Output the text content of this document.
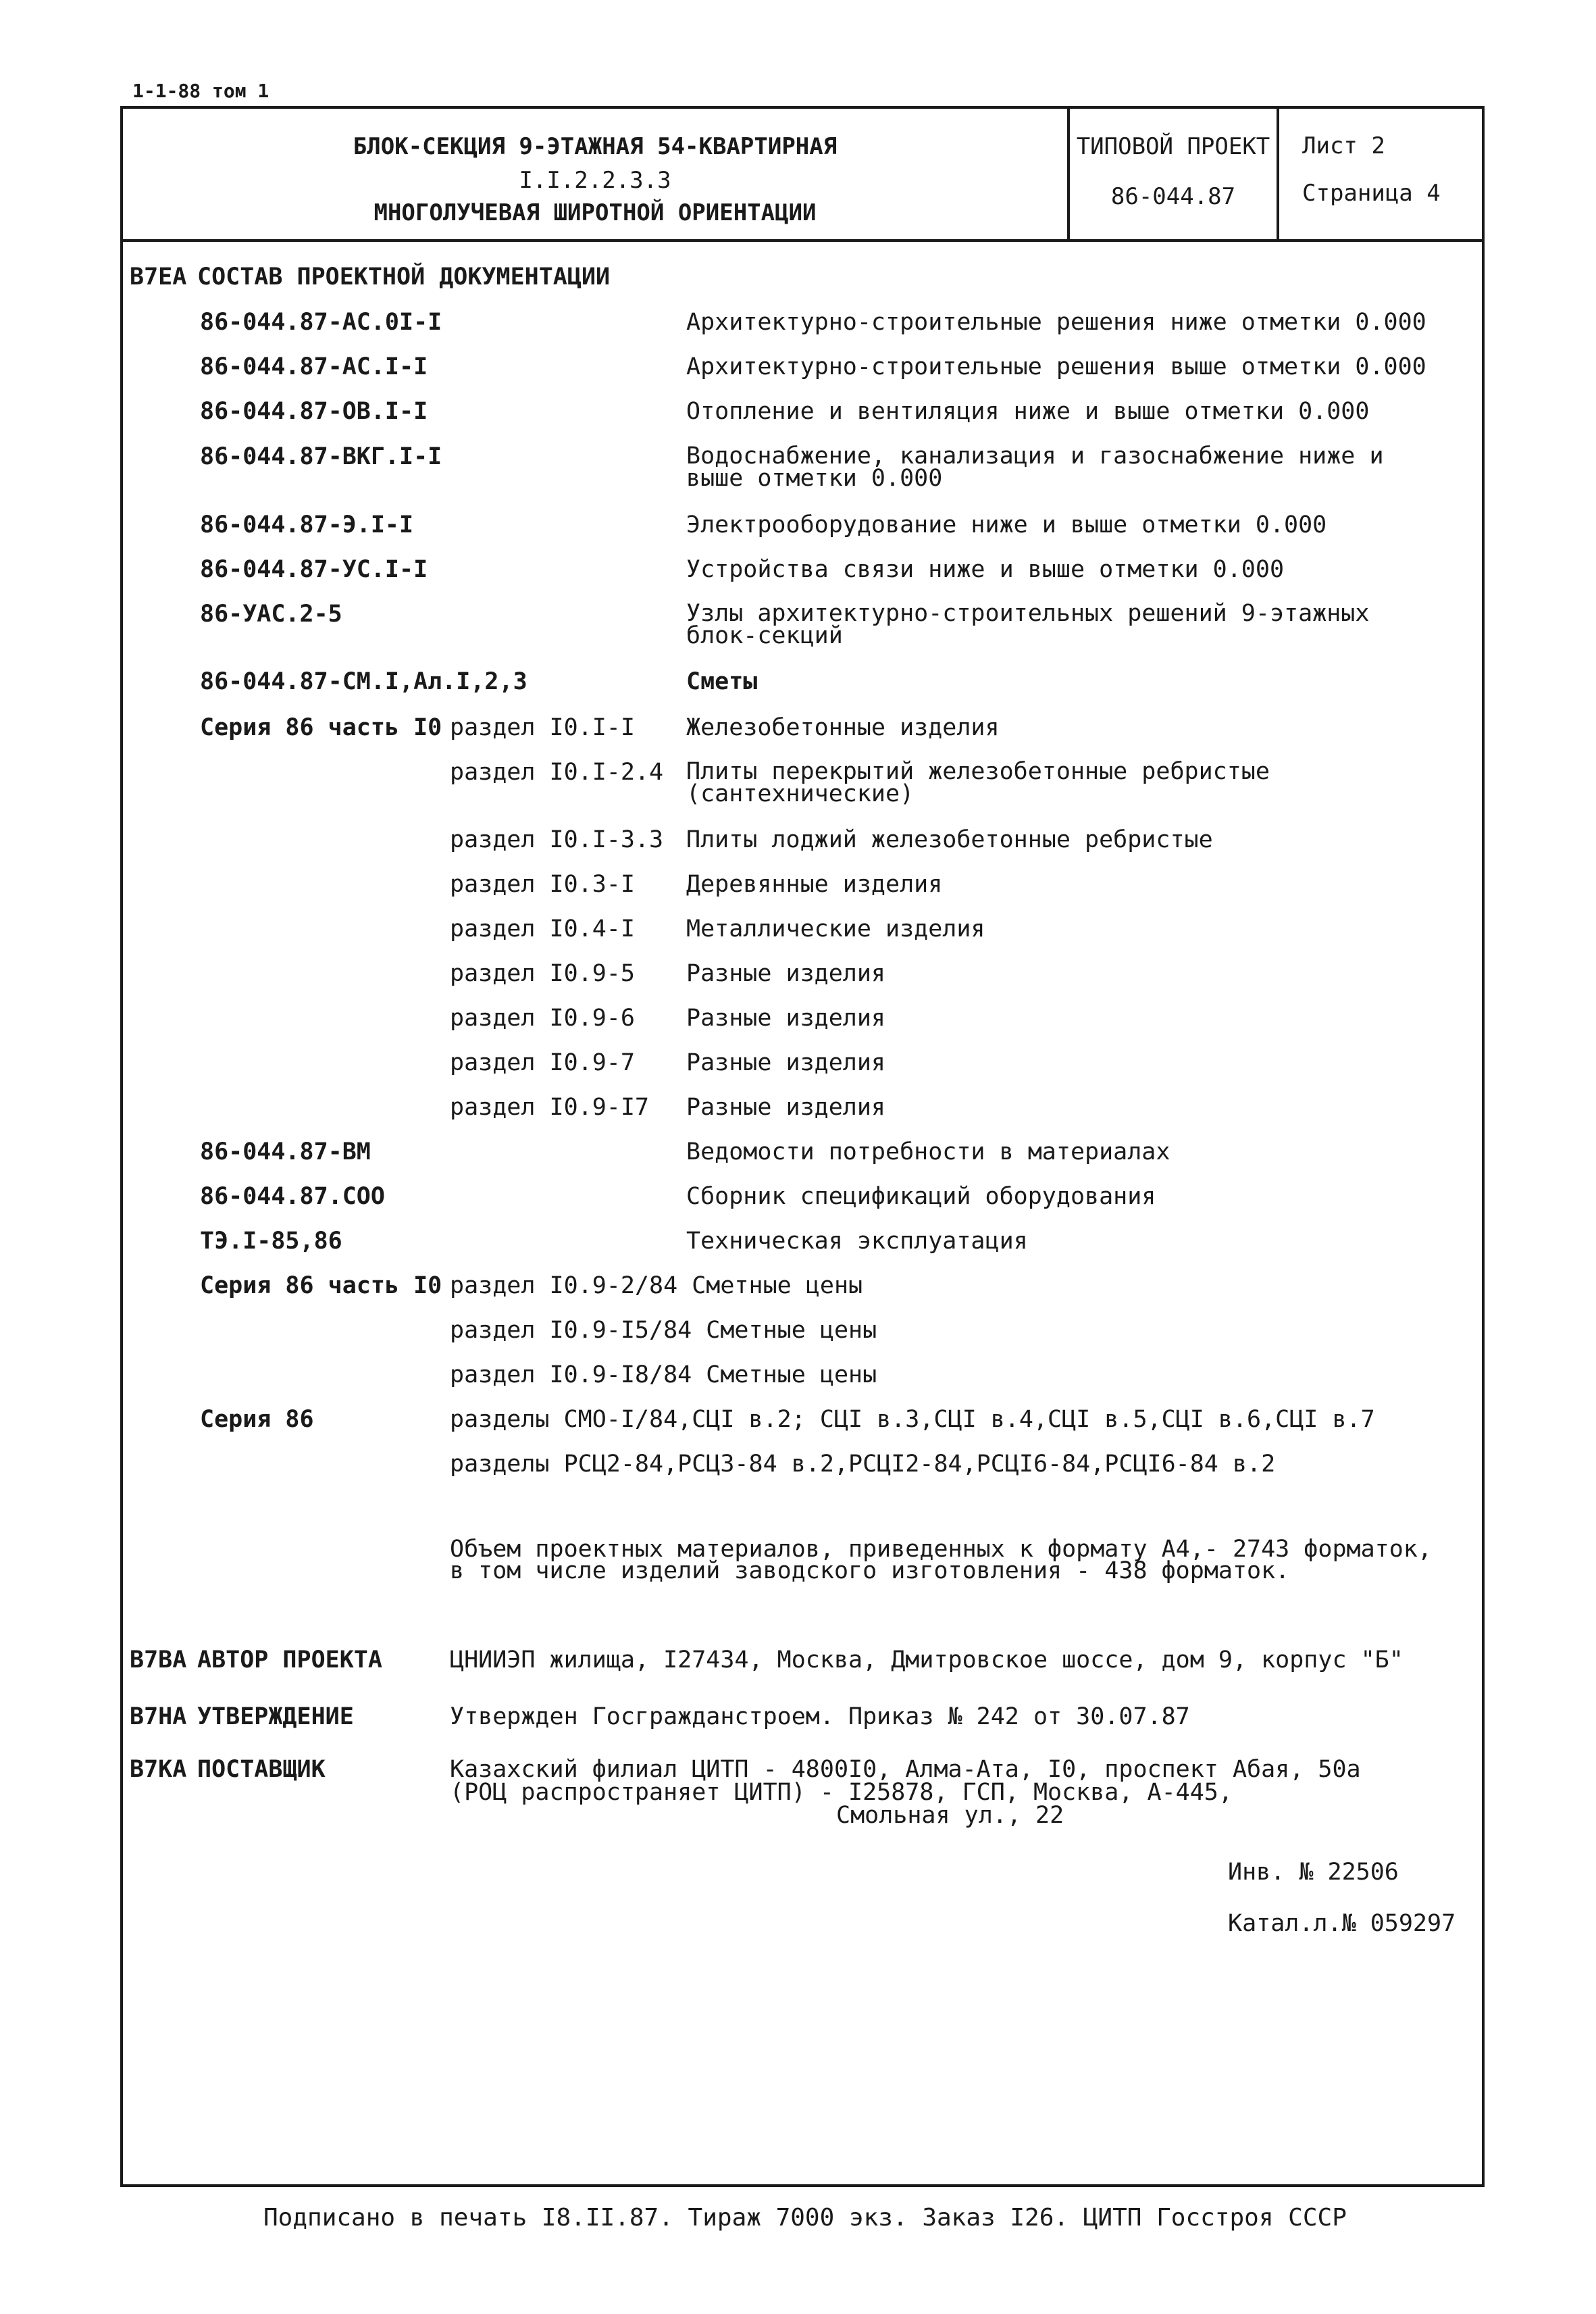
1-1-88 том 1
БЛОК-СЕКЦИЯ 9-ЭТАЖНАЯ 54-КВАРТИРНАЯ
I.I.2.2.3.3
МНОГОЛУЧЕВАЯ ШИРОТНОЙ ОРИЕНТАЦИИ
ТИПОВОЙ ПРОЕКТ
86-044.87
Лист 2
Страница 4
В7ЕА СОСТАВ ПРОЕКТНОЙ ДОКУМЕНТАЦИИ
86-044.87-АС.0I-I	Архитектурно-строительные решения ниже отметки 0.000
86-044.87-АС.I-I	Архитектурно-строительные решения выше отметки 0.000
86-044.87-ОВ.I-I	Отопление и вентиляция ниже и выше отметки 0.000
86-044.87-ВКГ.I-I	Водоснабжение, канализация и газоснабжение ниже и выше отметки 0.000
86-044.87-Э.I-I	Электрооборудование ниже и выше отметки 0.000
86-044.87-УС.I-I	Устройства связи ниже и выше отметки 0.000
86-УАС.2-5	Узлы архитектурно-строительных решений 9-этажных блок-секций
86-044.87-СМ.I,Ал.I,2,3	Сметы
Серия 86 часть I0 раздел I0.I-I Железобетонные изделия
раздел I0.I-2.4 Плиты перекрытий железобетонные ребристые (сантехнические)
раздел I0.I-3.3 Плиты лоджий железобетонные ребристые
раздел I0.3-I Деревянные изделия
раздел I0.4-I Металлические изделия
раздел I0.9-5 Разные изделия
раздел I0.9-6 Разные изделия
раздел I0.9-7 Разные изделия
раздел I0.9-I7 Разные изделия
86-044.87-ВМ	Ведомости потребности в материалах
86-044.87.СОО	Сборник спецификаций оборудования
ТЭ.I-85,86	Техническая эксплуатация
Серия 86 часть I0 раздел I0.9-2/84 Сметные цены
раздел I0.9-I5/84 Сметные цены
раздел I0.9-I8/84 Сметные цены
Серия 86	разделы СМО-I/84,СЦI в.2; СЦI в.3,СЦI в.4,СЦI в.5,СЦI в.6,СЦI в.7
разделы РСЦ2-84,РСЦ3-84 в.2,РСЦI2-84,РСЦI6-84,РСЦI6-84 в.2
Объем проектных материалов, приведенных к формату А4,- 2743 форматок,
в том числе изделий заводского изготовления - 438 форматок.
В7ВА АВТОР ПРОЕКТА	ЦНИИЭП жилища, I27434, Москва, Дмитровское шоссе, дом 9, корпус "Б"
В7НА УТВЕРЖДЕНИЕ	Утвержден Госгражданстроем. Приказ № 242 от 30.07.87
В7КА ПОСТАВЩИК	Казахский филиал ЦИТП - 4800I0, Алма-Ата, I0, проспект Абая, 50а
(РОЦ распространяет ЦИТП) - I25878, ГСП, Москва, А-445,
Смольная ул., 22
Инв. № 22506
Катал.л.№ 059297
Подписано в печать I8.II.87. Тираж 7000 экз. Заказ I26. ЦИТП Госстроя СССР
